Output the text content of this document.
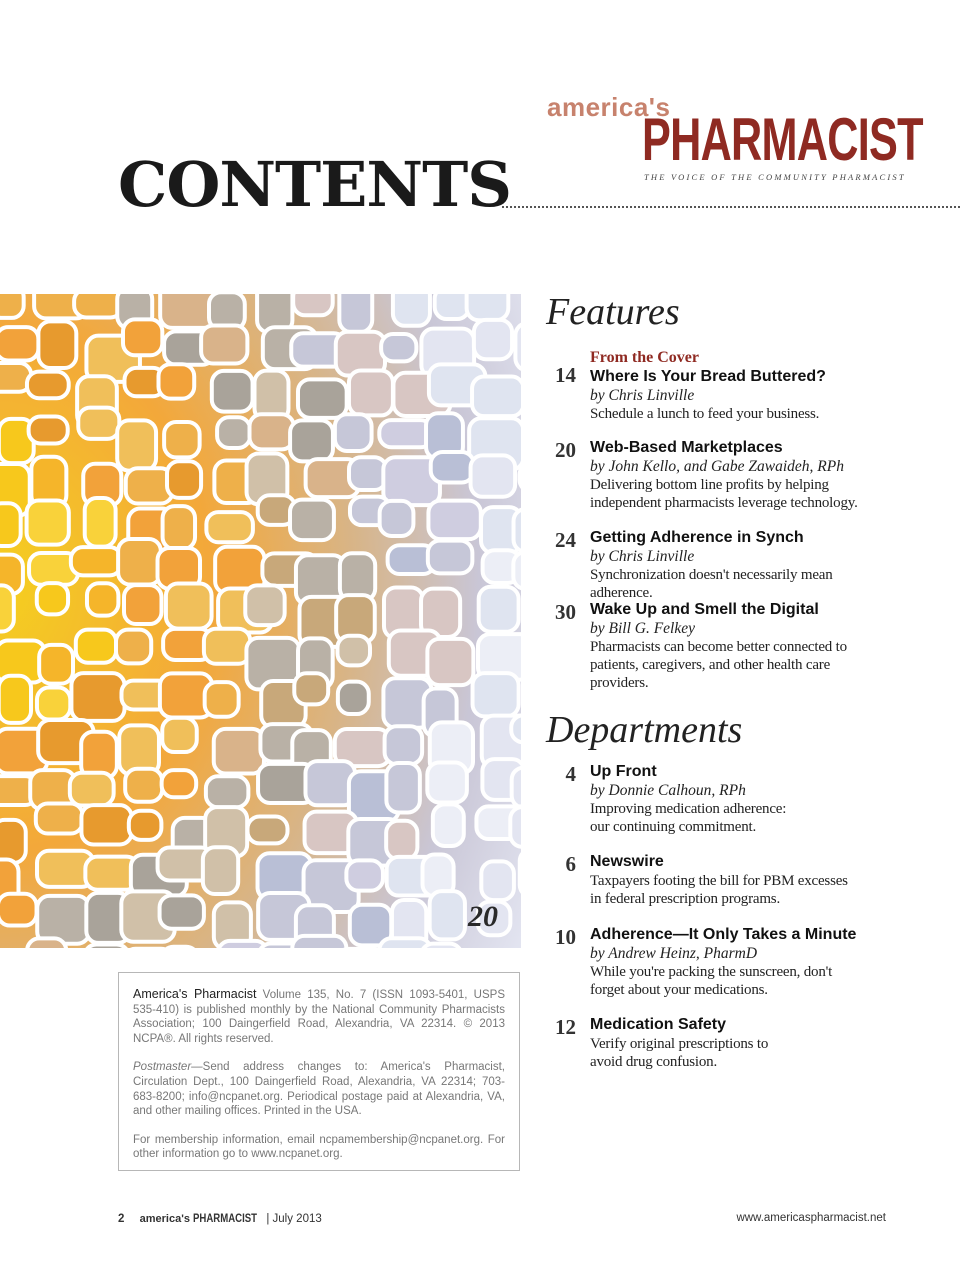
america's
PHARMACIST
THE VOICE OF THE COMMUNITY PHARMACIST
CONTENTS
20
Features
14
From the Cover
Where Is Your Bread Buttered?
by Chris Linville
Schedule a lunch to feed your business.
20 Web-Based Marketplaces
by John Kello, and Gabe Zawaideh, RPh
Delivering bottom line profits by helping independent pharmacists leverage technology.
24 Getting Adherence in Synch
by Chris Linville
Synchronization doesn't necessarily mean adherence.
30 Wake Up and Smell the Digital
by Bill G. Felkey
Pharmacists can become better connected to patients, caregivers, and other health care providers.
Departments
4 Up Front
by Donnie Calhoun, RPh
Improving medication adherence: our continuing commitment.
6 Newswire
Taxpayers footing the bill for PBM excesses in federal prescription programs.
10 Adherence—It Only Takes a Minute
by Andrew Heinz, PharmD
While you're packing the sunscreen, don't forget about your medications.
12 Medication Safety
Verify original prescriptions to avoid drug confusion.

America's Pharmacist Volume 135, No. 7 (ISSN 1093-5401, USPS 535-410) is published monthly by the National Community Pharmacists Association; 100 Daingerfield Road, Alexandria, VA 22314. © 2013 NCPA®. All rights reserved.

Postmaster—Send address changes to: America's Pharmacist, Circulation Dept., 100 Daingerfield Road, Alexandria, VA 22314; 703-683-8200; info@ncpanet.org. Periodical postage paid at Alexandria, VA, and other mailing offices. Printed in the USA.

For membership information, email ncpamembership@ncpanet.org. For other information go to www.ncpanet.org.

2 america's PHARMACIST | July 2013	www.americaspharmacist.net
